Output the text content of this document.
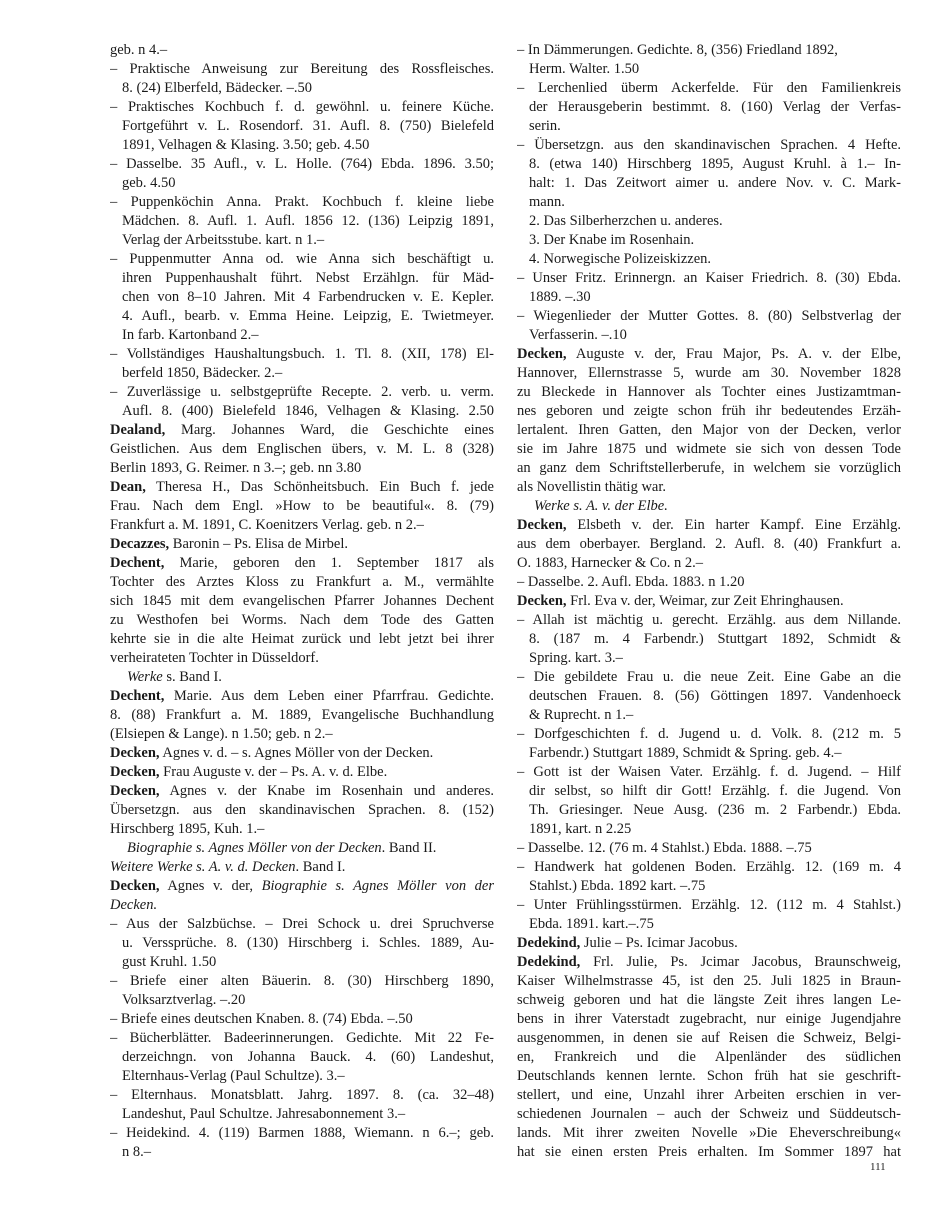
geb. n 4.–
– Praktische Anweisung zur Bereitung des Rossfleisches.
8. (24) Elberfeld, Bädecker. –.50
– Praktisches Kochbuch f. d. gewöhnl. u. feinere Küche.
Fortgeführt v. L. Rosendorf. 31. Aufl. 8. (750) Bielefeld
1891, Velhagen & Klasing. 3.50; geb. 4.50
– Dasselbe. 35 Aufl., v. L. Holle. (764) Ebda. 1896. 3.50;
geb. 4.50
– Puppenköchin Anna. Prakt. Kochbuch f. kleine liebe
Mädchen. 8. Aufl. 1. Aufl. 1856 12. (136) Leipzig 1891,
Verlag der Arbeitsstube. kart. n 1.–
– Puppenmutter Anna od. wie Anna sich beschäftigt u.
ihren Puppenhaushalt führt. Nebst Erzählgn. für Mäd-
chen von 8–10 Jahren. Mit 4 Farbendrucken v. E. Kepler.
4. Aufl., bearb. v. Emma Heine. Leipzig, E. Twietmeyer.
In farb. Kartonband 2.–
– Vollständiges Haushaltungsbuch. 1. Tl. 8. (XII, 178) El-
berfeld 1850, Bädecker. 2.–
– Zuverlässige u. selbstgeprüfte Recepte. 2. verb. u. verm.
Aufl. 8. (400) Bielefeld 1846, Velhagen & Klasing. 2.50
Dealand, Marg. Johannes Ward, die Geschichte eines
Geistlichen. Aus dem Englischen übers, v. M. L. 8 (328)
Berlin 1893, G. Reimer. n 3.–; geb. nn 3.80
Dean, Theresa H., Das Schönheitsbuch. Ein Buch f. jede
Frau. Nach dem Engl. »How to be beautiful«. 8. (79)
Frankfurt a. M. 1891, C. Koenitzers Verlag. geb. n 2.–
Decazzes, Baronin – Ps. Elisa de Mirbel.
Dechent, Marie, geboren den 1. September 1817 als
Tochter des Arztes Kloss zu Frankfurt a. M., vermählte
sich 1845 mit dem evangelischen Pfarrer Johannes Dechent
zu Westhofen bei Worms. Nach dem Tode des Gatten
kehrte sie in die alte Heimat zurück und lebt jetzt bei ihrer
verheirateten Tochter in Düsseldorf.
Werke s. Band I.
Dechent, Marie. Aus dem Leben einer Pfarrfrau. Gedichte.
8. (88) Frankfurt a. M. 1889, Evangelische Buchhandlung
(Elsiepen & Lange). n 1.50; geb. n 2.–
Decken, Agnes v. d. – s. Agnes Möller von der Decken.
Decken, Frau Auguste v. der – Ps. A. v. d. Elbe.
Decken, Agnes v. der Knabe im Rosenhain und anderes.
Übersetzgn. aus den skandinavischen Sprachen. 8. (152)
Hirschberg 1895, Kuh. 1.–
Biographie s. Agnes Möller von der Decken. Band II.
Weitere Werke s. A. v. d. Decken. Band I.
Decken, Agnes v. der, Biographie s. Agnes Möller von der
Decken.
– Aus der Salzbüchse. – Drei Schock u. drei Spruchverse
u. Verssprüche. 8. (130) Hirschberg i. Schles. 1889, Au-
gust Kruhl. 1.50
– Briefe einer alten Bäuerin. 8. (30) Hirschberg 1890,
Volksarztverlag. –.20
– Briefe eines deutschen Knaben. 8. (74) Ebda. –.50
– Bücherblätter. Badeerinnerungen. Gedichte. Mit 22 Fe-
derzeichngn. von Johanna Bauck. 4. (60) Landeshut,
Elternhaus-Verlag (Paul Schultze). 3.–
– Elternhaus. Monatsblatt. Jahrg. 1897. 8. (ca. 32–48)
Landeshut, Paul Schultze. Jahresabonnement 3.–
– Heidekind. 4. (119) Barmen 1888, Wiemann. n 6.–; geb.
n 8.–
– In Dämmerungen. Gedichte. 8, (356) Friedland 1892,
Herm. Walter. 1.50
– Lerchenlied überm Ackerfelde. Für den Familienkreis
der Herausgeberin bestimmt. 8. (160) Verlag der Verfas-
serin.
– Übersetzgn. aus den skandinavischen Sprachen. 4 Hefte.
8. (etwa 140) Hirschberg 1895, August Kruhl. à 1.– In-
halt: 1. Das Zeitwort aimer u. andere Nov. v. C. Mark-
mann.
2. Das Silberherzchen u. anderes.
3. Der Knabe im Rosenhain.
4. Norwegische Polizeiskizzen.
– Unser Fritz. Erinnergn. an Kaiser Friedrich. 8. (30) Ebda.
1889. –.30
– Wiegenlieder der Mutter Gottes. 8. (80) Selbstverlag der
Verfasserin. –.10
Decken, Auguste v. der, Frau Major, Ps. A. v. der Elbe,
Hannover, Ellernstrasse 5, wurde am 30. November 1828
zu Bleckede in Hannover als Tochter eines Justizamtman-
nes geboren und zeigte schon früh ihr bedeutendes Erzäh-
lertalent. Ihren Gatten, den Major von der Decken, verlor
sie im Jahre 1875 und widmete sie sich von dessen Tode
an ganz dem Schriftstellerberufe, in welchem sie vorzüglich
als Novellistin thätig war.
Werke s. A. v. der Elbe.
Decken, Elsbeth v. der. Ein harter Kampf. Eine Erzählg.
aus dem oberbayer. Bergland. 2. Aufl. 8. (40) Frankfurt a.
O. 1883, Harnecker & Co. n 2.–
– Dasselbe. 2. Aufl. Ebda. 1883. n 1.20
Decken, Frl. Eva v. der, Weimar, zur Zeit Ehringhausen.
– Allah ist mächtig u. gerecht. Erzählg. aus dem Nillande.
8. (187 m. 4 Farbendr.) Stuttgart 1892, Schmidt &
Spring. kart. 3.–
– Die gebildete Frau u. die neue Zeit. Eine Gabe an die
deutschen Frauen. 8. (56) Göttingen 1897. Vandenhoeck
& Ruprecht. n 1.–
– Dorfgeschichten f. d. Jugend u. d. Volk. 8. (212 m. 5
Farbendr.) Stuttgart 1889, Schmidt & Spring. geb. 4.–
– Gott ist der Waisen Vater. Erzählg. f. d. Jugend. – Hilf
dir selbst, so hilft dir Gott! Erzählg. f. die Jugend. Von
Th. Griesinger. Neue Ausg. (236 m. 2 Farbendr.) Ebda.
1891, kart. n 2.25
– Dasselbe. 12. (76 m. 4 Stahlst.) Ebda. 1888. –.75
– Handwerk hat goldenen Boden. Erzählg. 12. (169 m. 4
Stahlst.) Ebda. 1892 kart. –.75
– Unter Frühlingsstürmen. Erzählg. 12. (112 m. 4 Stahlst.)
Ebda. 1891. kart.–.75
Dedekind, Julie – Ps. Icimar Jacobus.
Dedekind, Frl. Julie, Ps. Jcimar Jacobus, Braunschweig,
Kaiser Wilhelmstrasse 45, ist den 25. Juli 1825 in Braun-
schweig geboren und hat die längste Zeit ihres langen Le-
bens in ihrer Vaterstadt zugebracht, nur einige Jugendjahre
ausgenommen, in denen sie auf Reisen die Schweiz, Belgi-
en, Frankreich und die Alpenländer des südlichen
Deutschlands kennen lernte. Schon früh hat sie geschrift-
stellert, und eine, Unzahl ihrer Arbeiten erschien in ver-
schiedenen Journalen – auch der Schweiz und Süddeutsch-
lands. Mit ihrer zweiten Novelle »Die Eheverschreibung«
hat sie einen ersten Preis erhalten. Im Sommer 1897 hat
111
